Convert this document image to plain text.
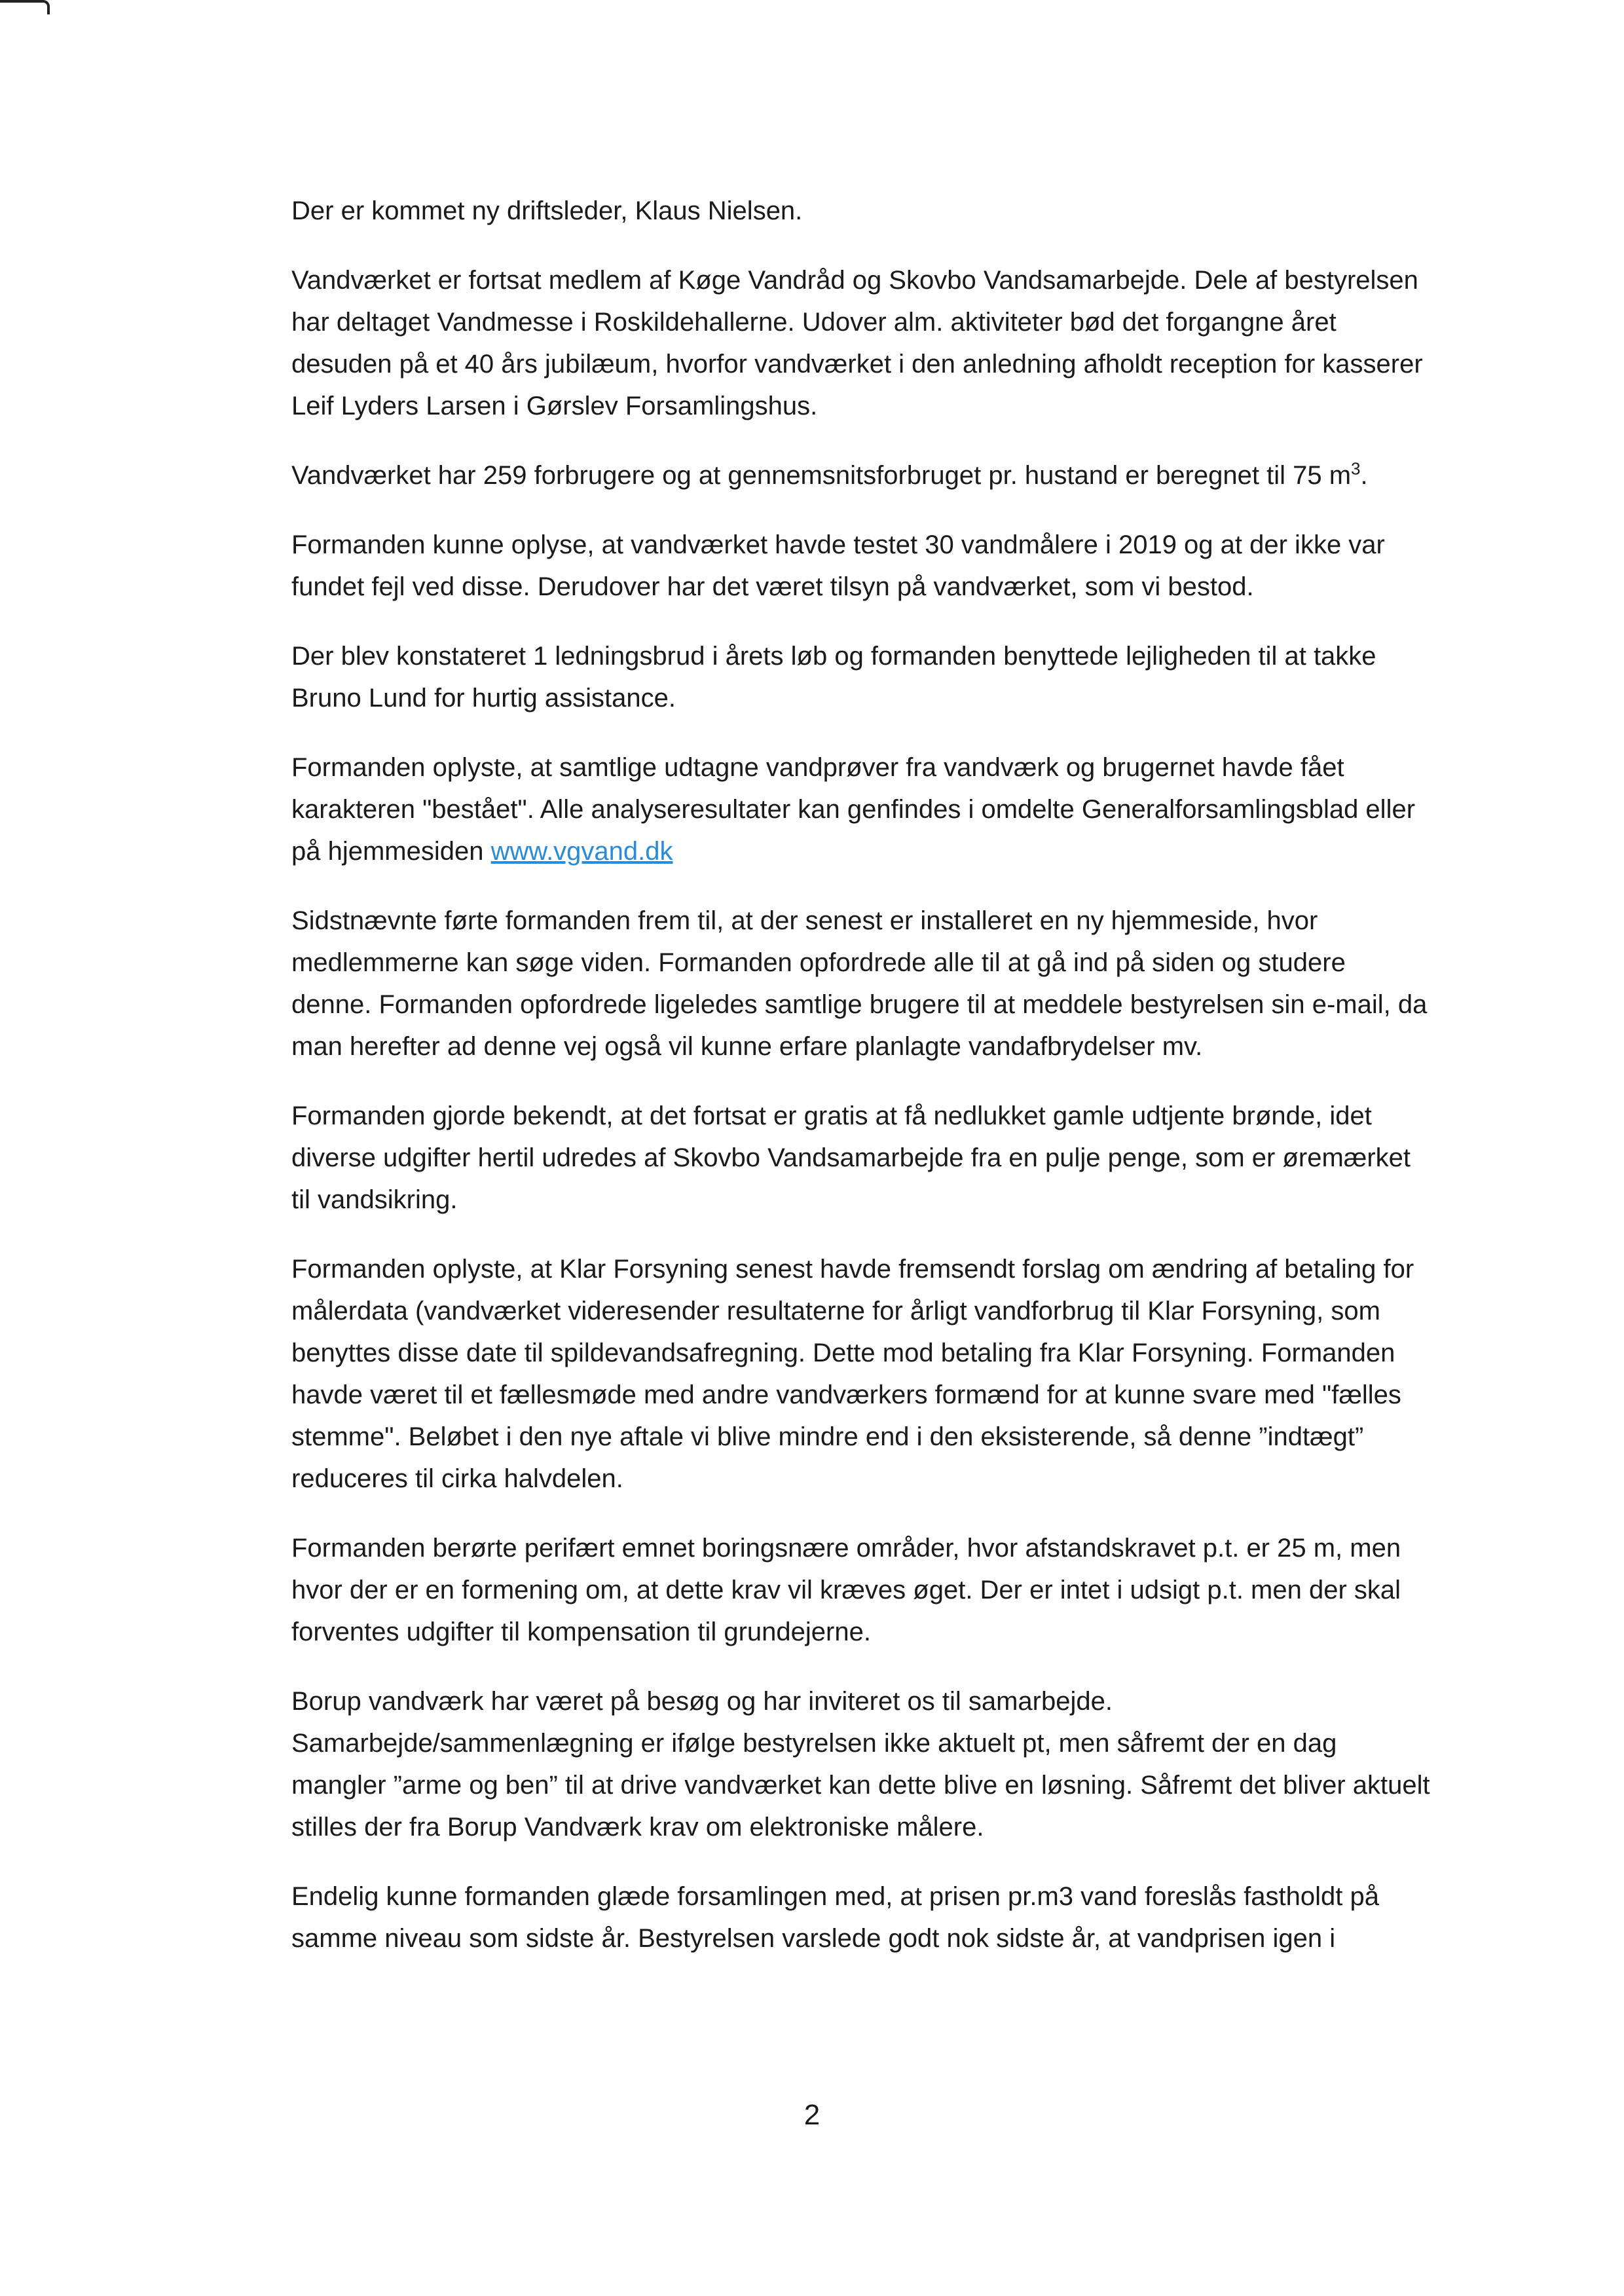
Der er kommet ny driftsleder, Klaus Nielsen.

Vandværket er fortsat medlem af Køge Vandråd og Skovbo Vandsamarbejde. Dele af bestyrelsen har deltaget Vandmesse i Roskildehallerne. Udover alm. aktiviteter bød det forgangne året desuden på et 40 års jubilæum, hvorfor vandværket i den anledning afholdt reception for kasserer Leif Lyders Larsen i Gørslev Forsamlingshus.

Vandværket har 259 forbrugere og at gennemsnitsforbruget pr. hustand er beregnet til 75 $m^3$.

Formanden kunne oplyse, at vandværket havde testet 30 vandmålere i 2019 og at der ikke var fundet fejl ved disse. Derudover har det været tilsyn på vandværket, som vi bestod.

Der blev konstateret 1 ledningsbrud i årets løb og formanden benyttede lejligheden til at takke Bruno Lund for hurtig assistance.

Formanden oplyste, at samtlige udtagne vandprøver fra vandværk og brugernet havde fået karakteren "bestået". Alle analyseresultater kan genfindes i omdelte Generalforsamlingsblad eller på hjemmesiden www.vgvand.dk

Sidstnævnte førte formanden frem til, at der senest er installeret en ny hjemmeside, hvor medlemmerne kan søge viden. Formanden opfordrede alle til at gå ind på siden og studere denne. Formanden opfordrede ligeledes samtlige brugere til at meddele bestyrelsen sin e-mail, da man herefter ad denne vej også vil kunne erfare planlagte vandafbrydelser mv.

Formanden gjorde bekendt, at det fortsat er gratis at få nedlukket gamle udtjente brønde, idet diverse udgifter hertil udredes af Skovbo Vandsamarbejde fra en pulje penge, som er øremærket til vandsikring.

Formanden oplyste, at Klar Forsyning senest havde fremsendt forslag om ændring af betaling for målerdata (vandværket videresender resultaterne for årligt vandforbrug til Klar Forsyning, som benyttes disse date til spildevandsafregning. Dette mod betaling fra Klar Forsyning. Formanden havde været til et fællesmøde med andre vandværkers formænd for at kunne svare med "fælles stemme". Beløbet i den nye aftale vi blive mindre end i den eksisterende, så denne ”indtægt” reduceres til cirka halvdelen.

Formanden berørte perifært emnet boringsnære områder, hvor afstandskravet p.t. er 25 m, men hvor der er en formening om, at dette krav vil kræves øget. Der er intet i udsigt p.t. men der skal forventes udgifter til kompensation til grundejerne.

Borup vandværk har været på besøg og har inviteret os til samarbejde. Samarbejde/sammenlægning er ifølge bestyrelsen ikke aktuelt pt, men såfremt der en dag mangler ”arme og ben” til at drive vandværket kan dette blive en løsning. Såfremt det bliver aktuelt stilles der fra Borup Vandværk krav om elektroniske målere.

Endelig kunne formanden glæde forsamlingen med, at prisen pr.m3 vand foreslås fastholdt på samme niveau som sidste år. Bestyrelsen varslede godt nok sidste år, at vandprisen igen i

2
